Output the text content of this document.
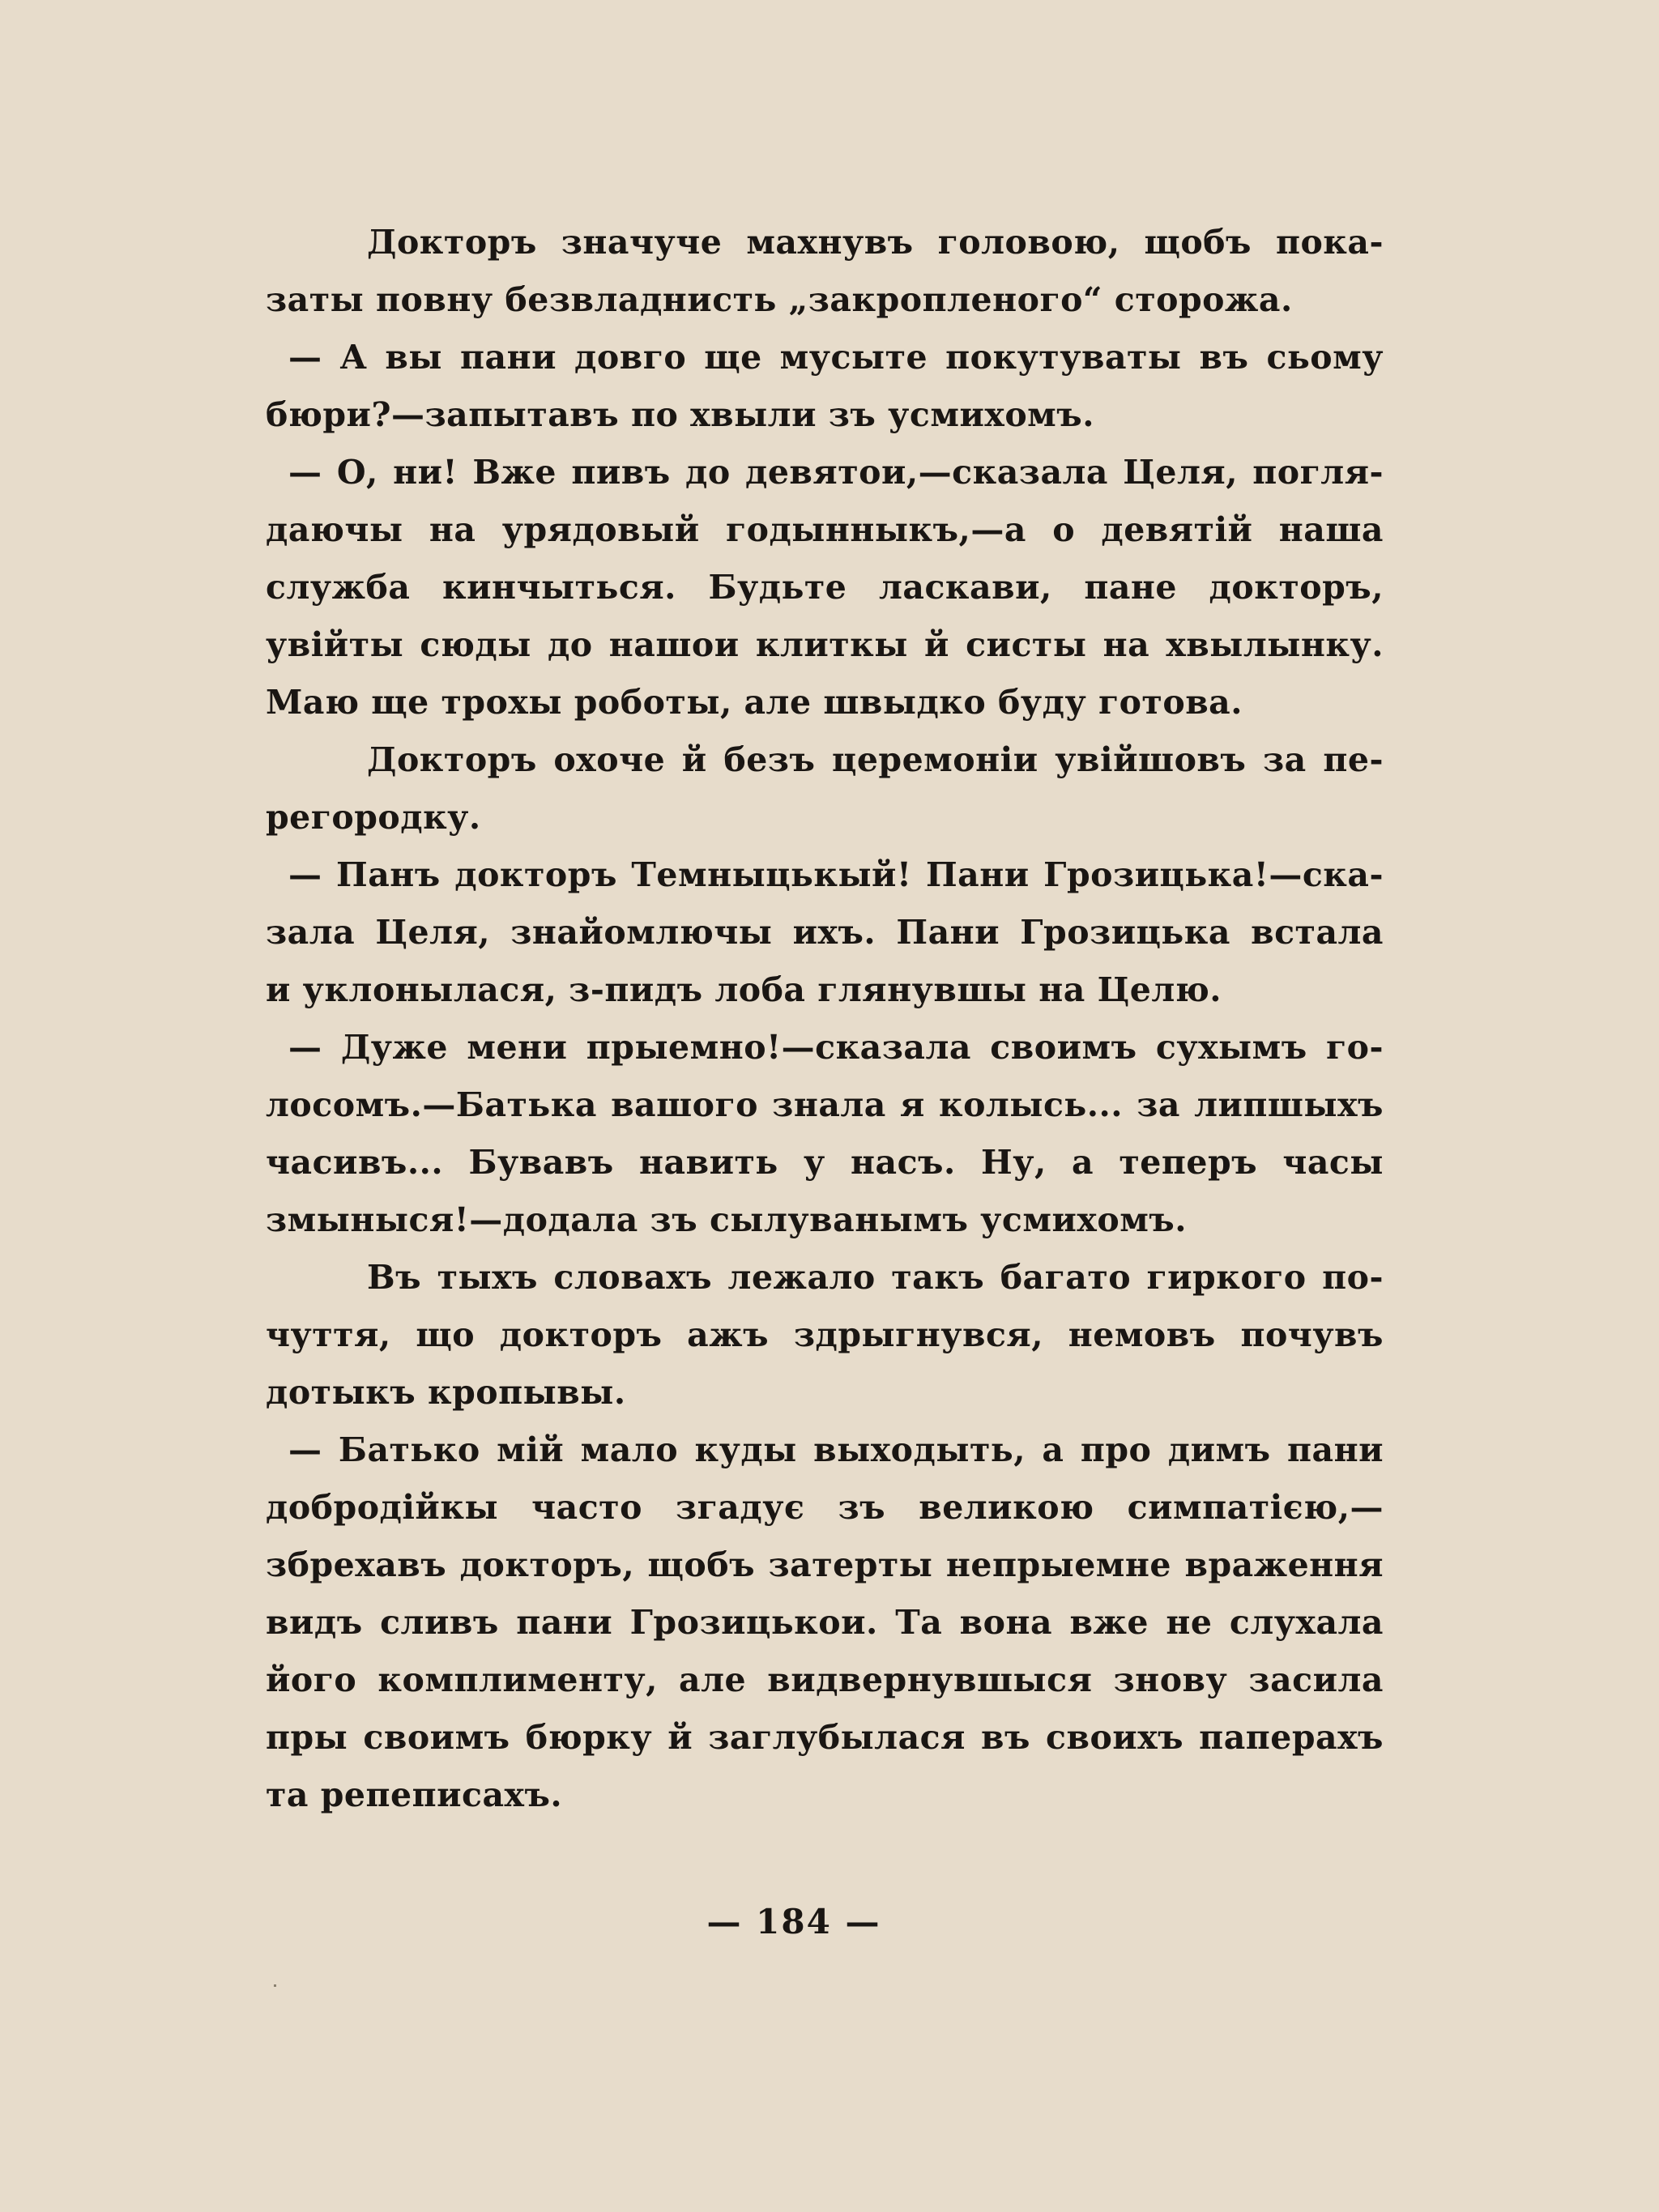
Докторъ значуче махнувъ головою, щобъ пока-
заты повну безвладнисть „закропленого“ сторожа.
— А вы пани довго ще мусыте покутуваты въ сьому
бюри?—запытавъ по хвыли зъ усмихомъ.
— О, ни! Вже пивъ до девятои,—сказала Целя, погля-
даючы на урядовый годынныкъ,—а о девятій наша
служба кинчыться. Будьте ласкави, пане докторъ,
увійты сюды до нашои клиткы й систы на хвылынку.
Маю ще трохы роботы, але швыдко буду готова.
Докторъ охоче й безъ церемоніи увійшовъ за пе-
регородку.
— Панъ докторъ Темныцькый! Пани Грозицька!—ска-
зала Целя, знайомлючы ихъ. Пани Грозицька встала
и уклонылася, з-пидъ лоба глянувшы на Целю.
— Дуже мени прыемно!—сказала своимъ сухымъ го-
лосомъ.—Батька вашого знала я колысь... за липшыхъ
часивъ... Бувавъ навить у насъ. Ну, а теперъ часы
змыныся!—додала зъ сылуванымъ усмихомъ.
Въ тыхъ словахъ лежало такъ багато гиркого по-
чуття, що докторъ ажъ здрыгнувся, немовъ почувъ
дотыкъ кропывы.
— Батько мій мало куды выходыть, а про димъ пани
добродійкы часто згадує зъ великою симпатією,—
збрехавъ докторъ, щобъ затерты непрыемне враження
видъ сливъ пани Грозицькои. Та вона вже не слухала
його комплименту, але видвернувшыся знову засила
пры своимъ бюрку й заглубылася въ своихъ паперахъ
та репеписахъ.
— 184 —
